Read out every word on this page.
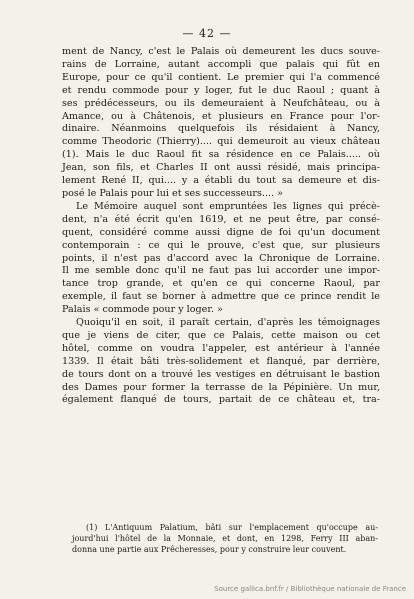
— 42 —
ment de Nancy, c'est le Palais où demeurent les ducs souve-
rains de Lorraine, autant accompli que palais qui fût en
Europe, pour ce qu'il contient. Le premier qui l'a commencé
et rendu commode pour y loger, fut le duc Raoul ; quant à
ses prédécesseurs, ou ils demeuraient à Neufchâteau, ou à
Amance, ou à Châtenois, et plusieurs en France pour l'or-
dinaire. Néanmoins quelquefois ils résidaient à Nancy,
comme Theodoric (Thierry).... qui demeuroit au vieux château
(1). Mais le duc Raoul fit sa résidence en ce Palais..... où
Jean, son fils, et Charles II ont aussi résidé, mais principa-
lement René II, qui.... y a établi du tout sa demeure et dis-
posé le Palais pour lui et ses successeurs.... »
Le Mémoire auquel sont empruntées les lignes qui précè-
dent, n'a été écrit qu'en 1619, et ne peut être, par consé-
quent, considéré comme aussi digne de foi qu'un document
contemporain : ce qui le prouve, c'est que, sur plusieurs
points, il n'est pas d'accord avec la Chronique de Lorraine.
Il me semble donc qu'il ne faut pas lui accorder une impor-
tance trop grande, et qu'en ce qui concerne Raoul, par
exemple, il faut se borner à admettre que ce prince rendit le
Palais « commode pour y loger. »
Quoiqu'il en soit, il paraît certain, d'après les témoignages
que je viens de citer, que ce Palais, cette maison ou cet
hôtel, comme on voudra l'appeler, est antérieur à l'année
1339. Il était bâti très-solidement et flanqué, par derrière,
de tours dont on a trouvé les vestiges en détruisant le bastion
des Dames pour former la terrasse de la Pépinière. Un mur,
également flanqué de tours, partait de ce château et, tra-
(1) L'Antiquum Palatium, bâti sur l'emplacement qu'occupe au-
jourd'hui l'hôtel de la Monnaie, et dont, en 1298, Ferry III aban-
donna une partie aux Prêcheresses, pour y construire leur couvent.
Source gallica.bnf.fr / Bibliothèque nationale de France
